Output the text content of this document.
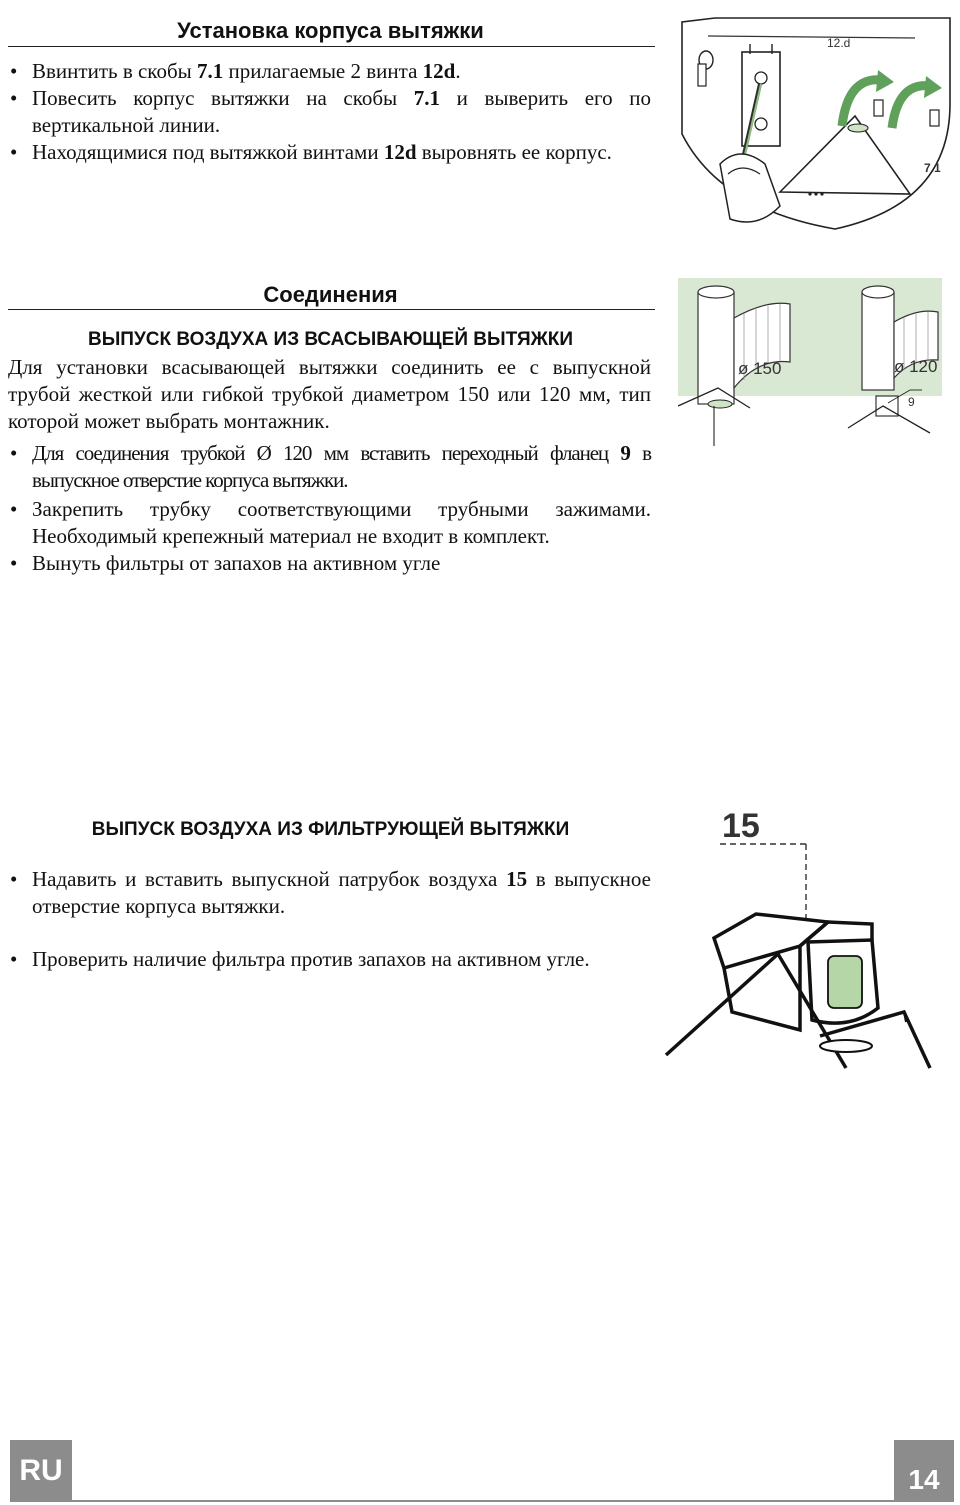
Установка корпуса вытяжки
• Ввинтить в скобы 7.1 прилагаемые 2 винта 12d.
• Повесить корпус вытяжки на скобы 7.1 и выверить его по вертикальной линии.
• Находящимися под вытяжкой винтами 12d выровнять ее корпус.
12.d
7.1
Соединения
ВЫПУСК ВОЗДУХА ИЗ ВСАСЫВАЮЩЕЙ ВЫТЯЖКИ
Для установки всасывающей вытяжки соединить ее с выпускной трубой жесткой или гибкой трубкой диаметром 150 или 120 мм, тип которой может выбрать монтажник.
• Для соединения трубкой Ø 120 мм вставить переходный фланец 9 в выпускное отверстие корпуса вытяжки.
• Закрепить трубку соответствующими трубными зажимами. Необходимый крепежный материал не входит в комплект.
• Вынуть фильтры от запахов на активном угле
ø 150	ø 120
9
ВЫПУСК ВОЗДУХА ИЗ ФИЛЬТРУЮЩЕЙ ВЫТЯЖКИ
• Надавить и вставить выпускной патрубок воздуха 15 в выпускное отверстие корпуса вытяжки.
• Проверить наличие фильтра против запахов на активном угле.
15
RU	14
